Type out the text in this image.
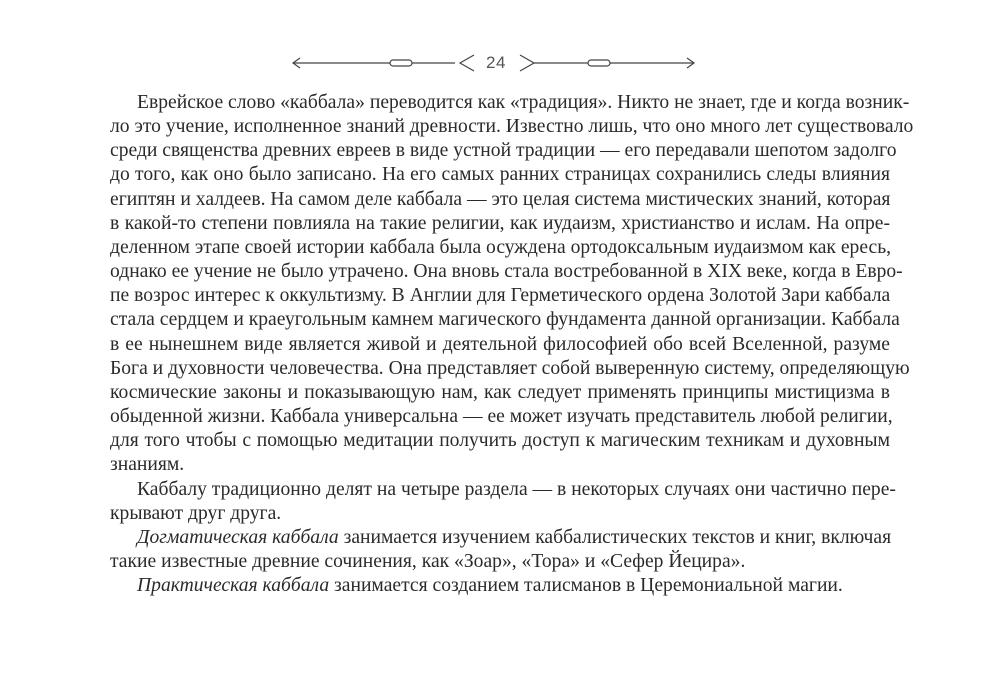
24
Еврейское слово «каббала» переводится как «традиция». Никто не знает, где и когда возник-
ло это учение, исполненное знаний древности. Известно лишь, что оно много лет существовало
среди священства древних евреев в виде устной традиции — его передавали шепотом задолго
до того, как оно было записано. На его самых ранних страницах сохранились следы влияния
египтян и халдеев. На самом деле каббала — это целая система мистических знаний, которая
в какой-то степени повлияла на такие религии, как иудаизм, христианство и ислам. На опре-
деленном этапе своей истории каббала была осуждена ортодоксальным иудаизмом как ересь,
однако ее учение не было утрачено. Она вновь стала востребованной в XIX веке, когда в Евро-
пе возрос интерес к оккультизму. В Англии для Герметического ордена Золотой Зари каббала
стала сердцем и краеугольным камнем магического фундамента данной организации. Каббала
в ее нынешнем виде является живой и деятельной философией обо всей Вселенной, разуме
Бога и духовности человечества. Она представляет собой выверенную систему, определяющую
космические законы и показывающую нам, как следует применять принципы мистицизма в
обыденной жизни. Каббала универсальна — ее может изучать представитель любой религии,
для того чтобы с помощью медитации получить доступ к магическим техникам и духовным
знаниям.
Каббалу традиционно делят на четыре раздела — в некоторых случаях они частично пере-
крывают друг друга.
Догматическая каббала занимается изучением каббалистических текстов и книг, включая
такие известные древние сочинения, как «Зоар», «Тора» и «Сефер Йецира».
Практическая каббала занимается созданием талисманов в Церемониальной магии.
